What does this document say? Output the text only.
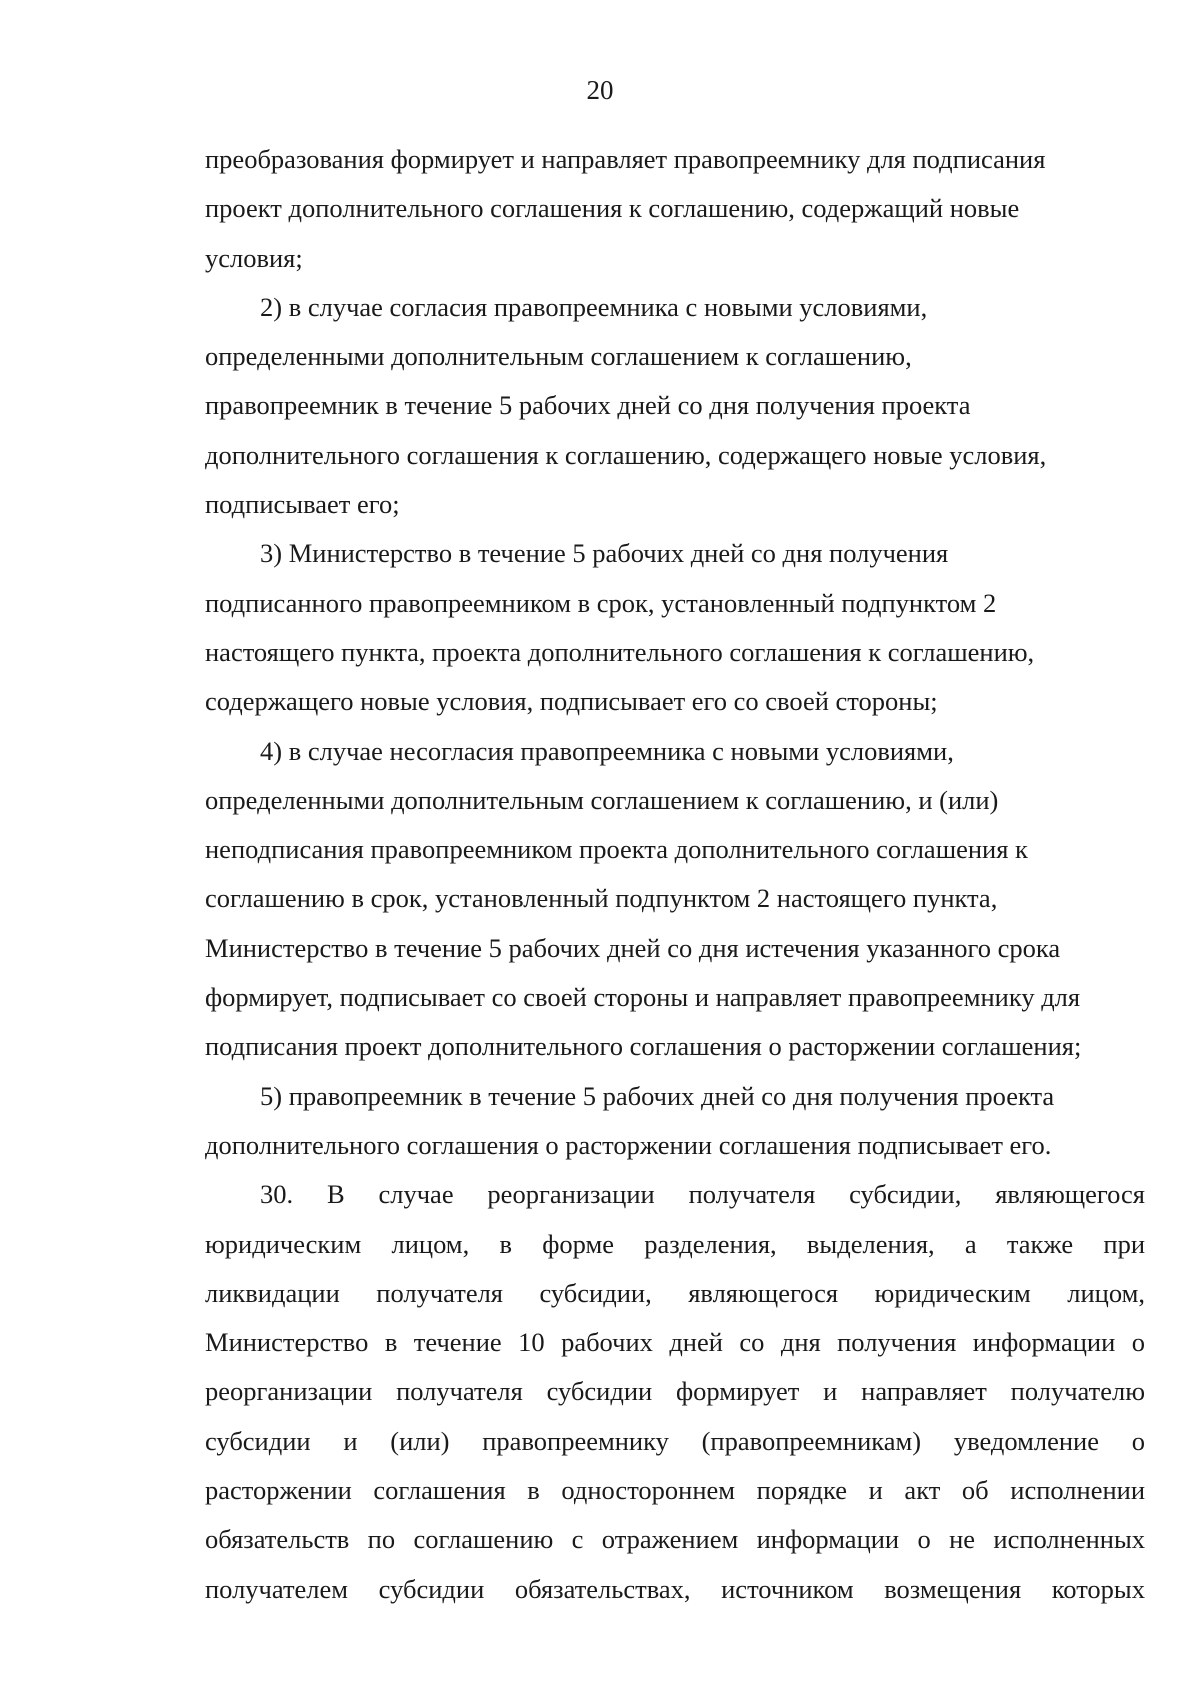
20

преобразования формирует и направляет правопреемнику для подписания
проект дополнительного соглашения к соглашению, содержащий новые
условия;

2) в случае согласия правопреемника с новыми условиями,
определенными дополнительным соглашением к соглашению,
правопреемник в течение 5 рабочих дней со дня получения проекта
дополнительного соглашения к соглашению, содержащего новые условия,
подписывает его;

3) Министерство в течение 5 рабочих дней со дня получения
подписанного правопреемником в срок, установленный подпунктом 2
настоящего пункта, проекта дополнительного соглашения к соглашению,
содержащего новые условия, подписывает его со своей стороны;

4) в случае несогласия правопреемника с новыми условиями,
определенными дополнительным соглашением к соглашению, и (или)
неподписания правопреемником проекта дополнительного соглашения к
соглашению в срок, установленный подпунктом 2 настоящего пункта,
Министерство в течение 5 рабочих дней со дня истечения указанного срока
формирует, подписывает со своей стороны и направляет правопреемнику для
подписания проект дополнительного соглашения о расторжении соглашения;

5) правопреемник в течение 5 рабочих дней со дня получения проекта
дополнительного соглашения о расторжении соглашения подписывает его.

30. В случае реорганизации получателя субсидии, являющегося
юридическим лицом, в форме разделения, выделения, а также при
ликвидации получателя субсидии, являющегося юридическим лицом,
Министерство в течение 10 рабочих дней со дня получения информации о
реорганизации получателя субсидии формирует и направляет получателю
субсидии и (или) правопреемнику (правопреемникам) уведомление о
расторжении соглашения в одностороннем порядке и акт об исполнении
обязательств по соглашению с отражением информации о не исполненных
получателем субсидии обязательствах, источником возмещения которых
